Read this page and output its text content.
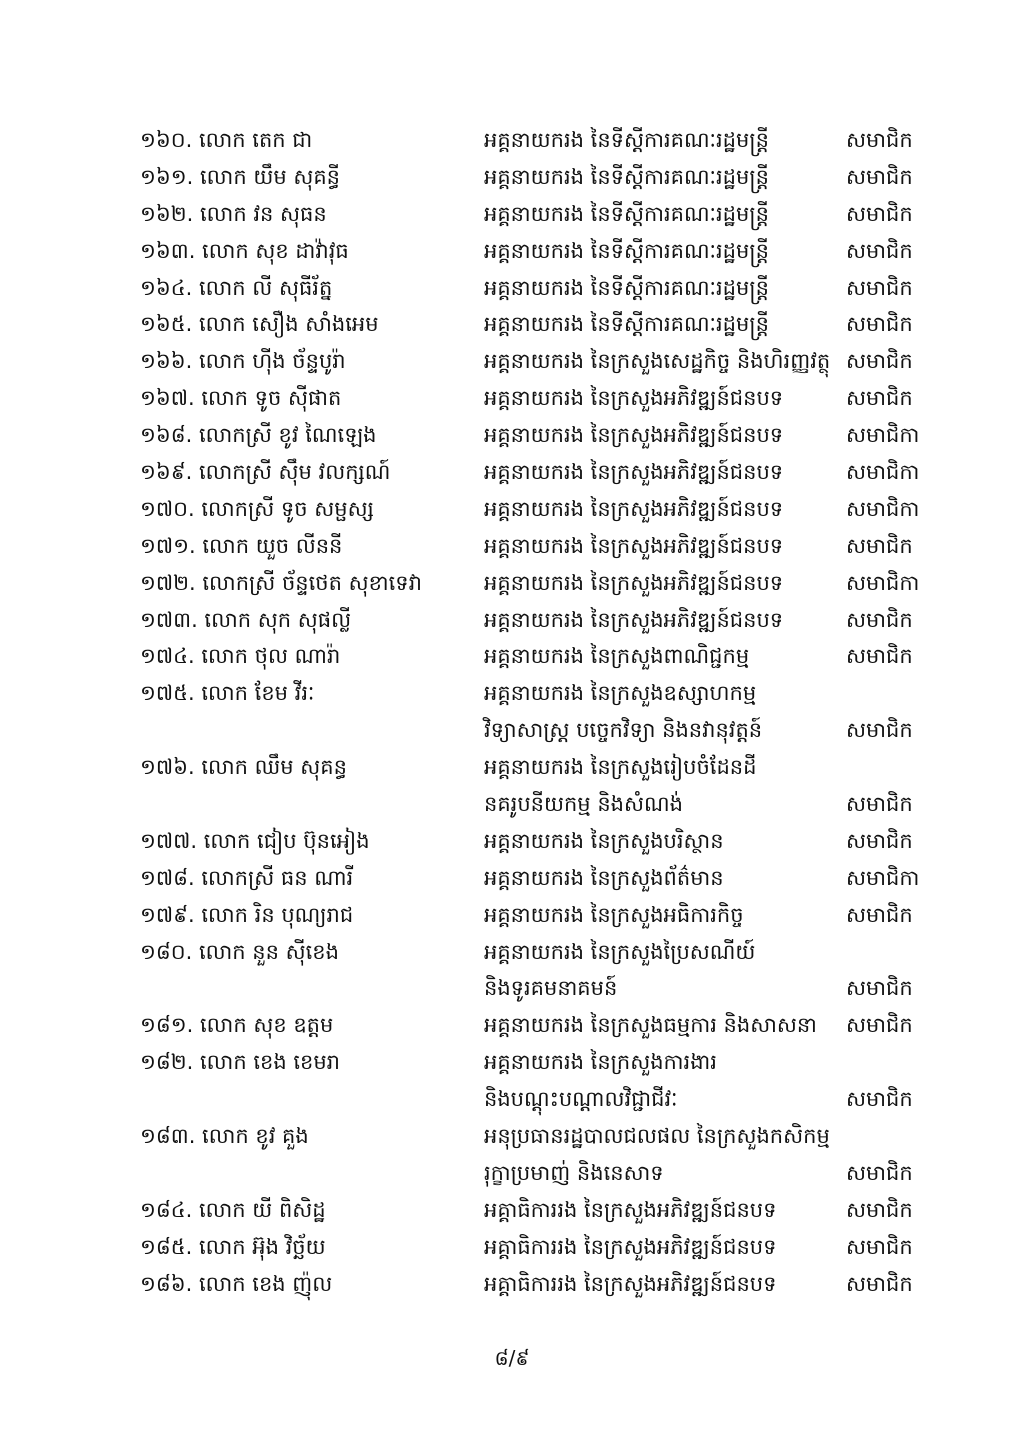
១៦០. លោក តេក ជា	អគ្គនាយករង នៃទីស្តីការគណៈរដ្ឋមន្ត្រី	សមាជិក
១៦១. លោក យឹម សុគន្ធី	អគ្គនាយករង នៃទីស្តីការគណៈរដ្ឋមន្ត្រី	សមាជិក
១៦២. លោក វន សុធន	អគ្គនាយករង នៃទីស្តីការគណៈរដ្ឋមន្ត្រី	សមាជិក
១៦៣. លោក សុខ ដាវ៉ាវុធ	អគ្គនាយករង នៃទីស្តីការគណៈរដ្ឋមន្ត្រី	សមាជិក
១៦៤. លោក លី សុធីរ័ត្ន	អគ្គនាយករង នៃទីស្តីការគណៈរដ្ឋមន្ត្រី	សមាជិក
១៦៥. លោក សឿង សាំងអេម	អគ្គនាយករង នៃទីស្តីការគណៈរដ្ឋមន្ត្រី	សមាជិក
១៦៦. លោក ហ៊ីង ច័ន្ទបូរ៉ា	អគ្គនាយករង នៃក្រសួងសេដ្ឋកិច្ច និងហិរញ្ញវត្ថុ សមាជិក
១៦៧. លោក ទូច ស៊ីផាត	អគ្គនាយករង នៃក្រសួងអភិវឌ្ឍន៍ជនបទ	សមាជិក
១៦៨. លោកស្រី ខូវ ណៃឡេង	អគ្គនាយករង នៃក្រសួងអភិវឌ្ឍន៍ជនបទ	សមាជិកា
១៦៩. លោកស្រី ស៊ឹម វលក្សណ៍	អគ្គនាយករង នៃក្រសួងអភិវឌ្ឍន៍ជនបទ	សមាជិកា
១៧០. លោកស្រី ទូច សម្ផស្ស	អគ្គនាយករង នៃក្រសួងអភិវឌ្ឍន៍ជនបទ	សមាជិកា
១៧១. លោក យួច លីននី	អគ្គនាយករង នៃក្រសួងអភិវឌ្ឍន៍ជនបទ	សមាជិក
១៧២. លោកស្រី ច័ន្ទថេត សុខាទេវា	អគ្គនាយករង នៃក្រសួងអភិវឌ្ឍន៍ជនបទ	សមាជិកា
១៧៣. លោក សុក សុផល្លី	អគ្គនាយករង នៃក្រសួងអភិវឌ្ឍន៍ជនបទ	សមាជិក
១៧៤. លោក ថុល ណារ៉ា	អគ្គនាយករង នៃក្រសួងពាណិជ្ជកម្ម	សមាជិក
១៧៥. លោក ខែម វីរៈ	អគ្គនាយករង នៃក្រសួងឧស្សាហកម្ម
វិទ្យាសាស្ត្រ បច្ចេកវិទ្យា និងនវានុវត្តន៍	សមាជិក
១៧៦. លោក ឈឹម សុគន្ធ	អគ្គនាយករង នៃក្រសួងរៀបចំដែនដី
នគរូបនីយកម្ម និងសំណង់	សមាជិក
១៧៧. លោក ជៀប ប៊ុនអៀង	អគ្គនាយករង នៃក្រសួងបរិស្ថាន	សមាជិក
១៧៨. លោកស្រី ធន ណារី	អគ្គនាយករង នៃក្រសួងព័ត៌មាន	សមាជិកា
១៧៩. លោក រិន បុណ្យរាជ	អគ្គនាយករង នៃក្រសួងអធិការកិច្ច	សមាជិក
១៨០. លោក នួន ស៊ីខេង	អគ្គនាយករង នៃក្រសួងប្រៃសណីយ៍
និងទូរគមនាគមន៍	សមាជិក
១៨១. លោក សុខ ឧត្តម	អគ្គនាយករង នៃក្រសួងធម្មការ និងសាសនា សមាជិក
១៨២. លោក ខេង ខេមរា	អគ្គនាយករង នៃក្រសួងការងារ
និងបណ្តុះបណ្តាលវិជ្ជាជីវៈ	សមាជិក
១៨៣. លោក ខូវ គួង	អនុប្រធានរដ្ឋបាលជលផល នៃក្រសួងកសិកម្ម
រុក្ខាប្រមាញ់ និងនេសាទ	សមាជិក
១៨៤. លោក យី ពិសិដ្ឋ	អគ្គាធិការរង នៃក្រសួងអភិវឌ្ឍន៍ជនបទ	សមាជិក
១៨៥. លោក អ៊ុង វិច្ឆ័យ	អគ្គាធិការរង នៃក្រសួងអភិវឌ្ឍន៍ជនបទ	សមាជិក
១៨៦. លោក ខេង ញ៉ុល	អគ្គាធិការរង នៃក្រសួងអភិវឌ្ឍន៍ជនបទ	សមាជិក
៨/៩
